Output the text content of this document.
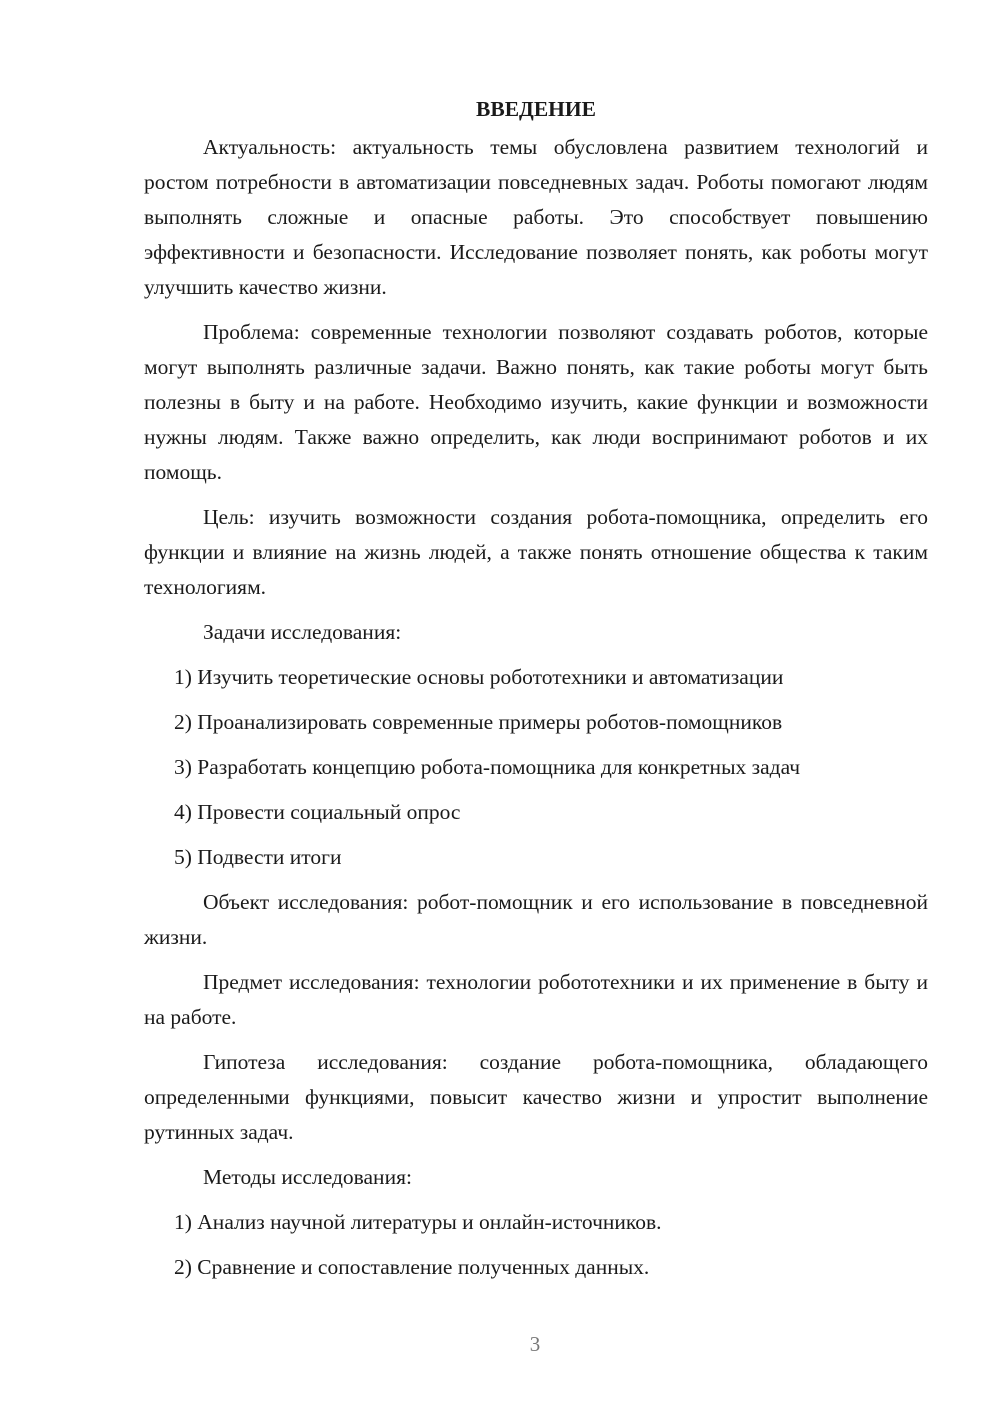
ВВЕДЕНИЕ

Актуальность: актуальность темы обусловлена развитием технологий и ростом потребности в автоматизации повседневных задач. Роботы помогают людям выполнять сложные и опасные работы. Это способствует повышению эффективности и безопасности. Исследование позволяет понять, как роботы могут улучшить качество жизни.

Проблема: современные технологии позволяют создавать роботов, которые могут выполнять различные задачи. Важно понять, как такие роботы могут быть полезны в быту и на работе. Необходимо изучить, какие функции и возможности нужны людям. Также важно определить, как люди воспринимают роботов и их помощь.

Цель: изучить возможности создания робота-помощника, определить его функции и влияние на жизнь людей, а также понять отношение общества к таким технологиям.

Задачи исследования:
1) Изучить теоретические основы робототехники и автоматизации
2) Проанализировать современные примеры роботов-помощников
3) Разработать концепцию робота-помощника для конкретных задач
4) Провести социальный опрос
5) Подвести итоги

Объект исследования: робот-помощник и его использование в повседневной жизни.

Предмет исследования: технологии робототехники и их применение в быту и на работе.

Гипотеза исследования: создание робота-помощника, обладающего определенными функциями, повысит качество жизни и упростит выполнение рутинных задач.

Методы исследования:
1) Анализ научной литературы и онлайн-источников.
2) Сравнение и сопоставление полученных данных.
3
